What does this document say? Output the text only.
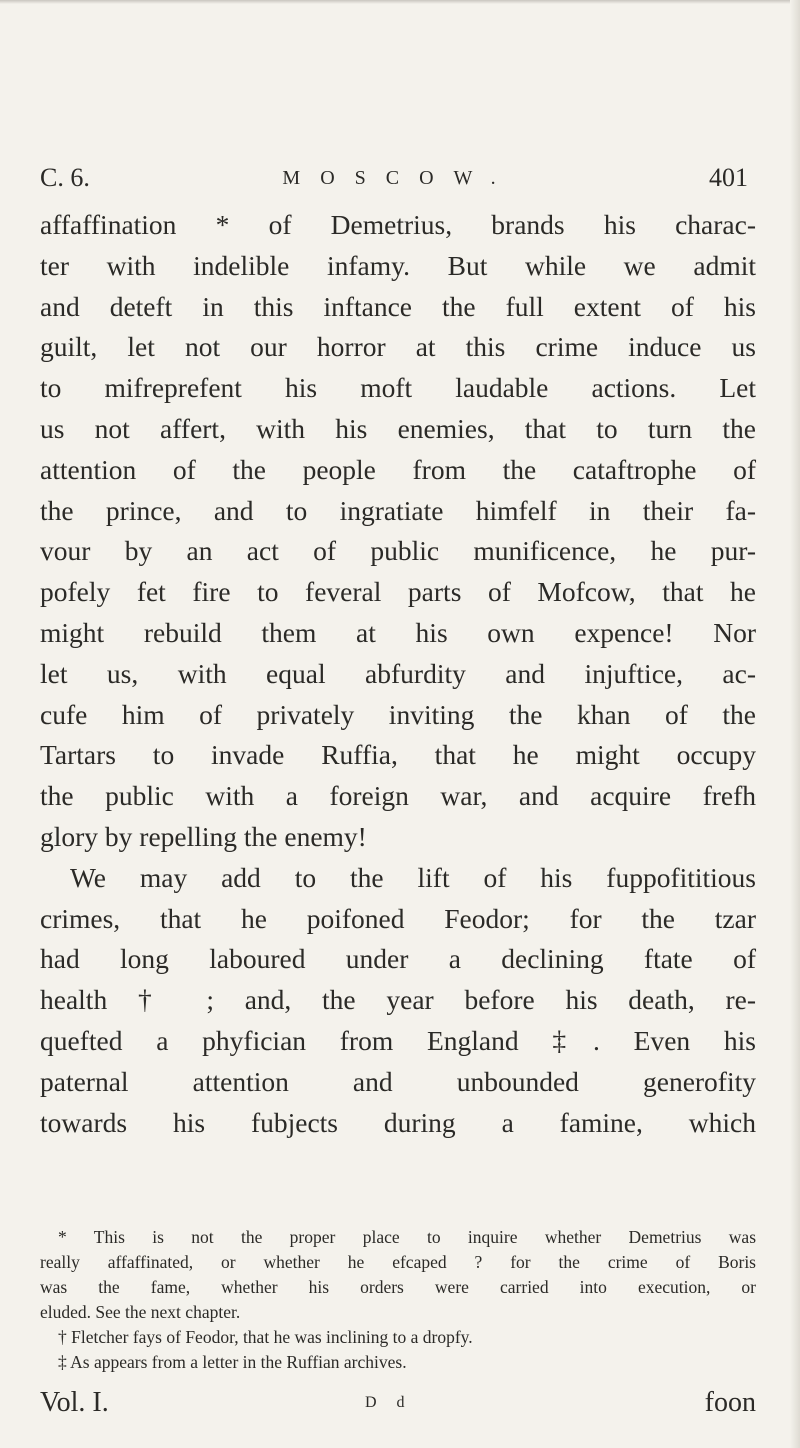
C. 6.	MOSCOW.	401
affaffination * of Demetrius, brands his charac-
ter with indelible infamy. But while we admit
and deteft in this inftance the full extent of his
guilt, let not our horror at this crime induce us
to mifreprefent his moft laudable actions. Let
us not affert, with his enemies, that to turn the
attention of the people from the cataftrophe of
the prince, and to ingratiate himfelf in their fa-
vour by an act of public munificence, he pur-
pofely fet fire to feveral parts of Mofcow, that he
might rebuild them at his own expence! Nor
let us, with equal abfurdity and injuftice, ac-
cufe him of privately inviting the khan of the
Tartars to invade Ruffia, that he might occupy
the public with a foreign war, and acquire frefh
glory by repelling the enemy!
We may add to the lift of his fuppofititious
crimes, that he poifoned Feodor; for the tzar
had long laboured under a declining ftate of
health † ; and, the year before his death, re-
quefted a phyfician from England ‡. Even his
paternal attention and unbounded generofity
towards his fubjects during a famine, which
* This is not the proper place to inquire whether Demetrius was
really affaffinated, or whether he efcaped ? for the crime of Boris
was the fame, whether his orders were carried into execution, or
eluded. See the next chapter.
† Fletcher fays of Feodor, that he was inclining to a dropfy.
‡ As appears from a letter in the Ruffian archives.
Vol. I.	D d	foon
